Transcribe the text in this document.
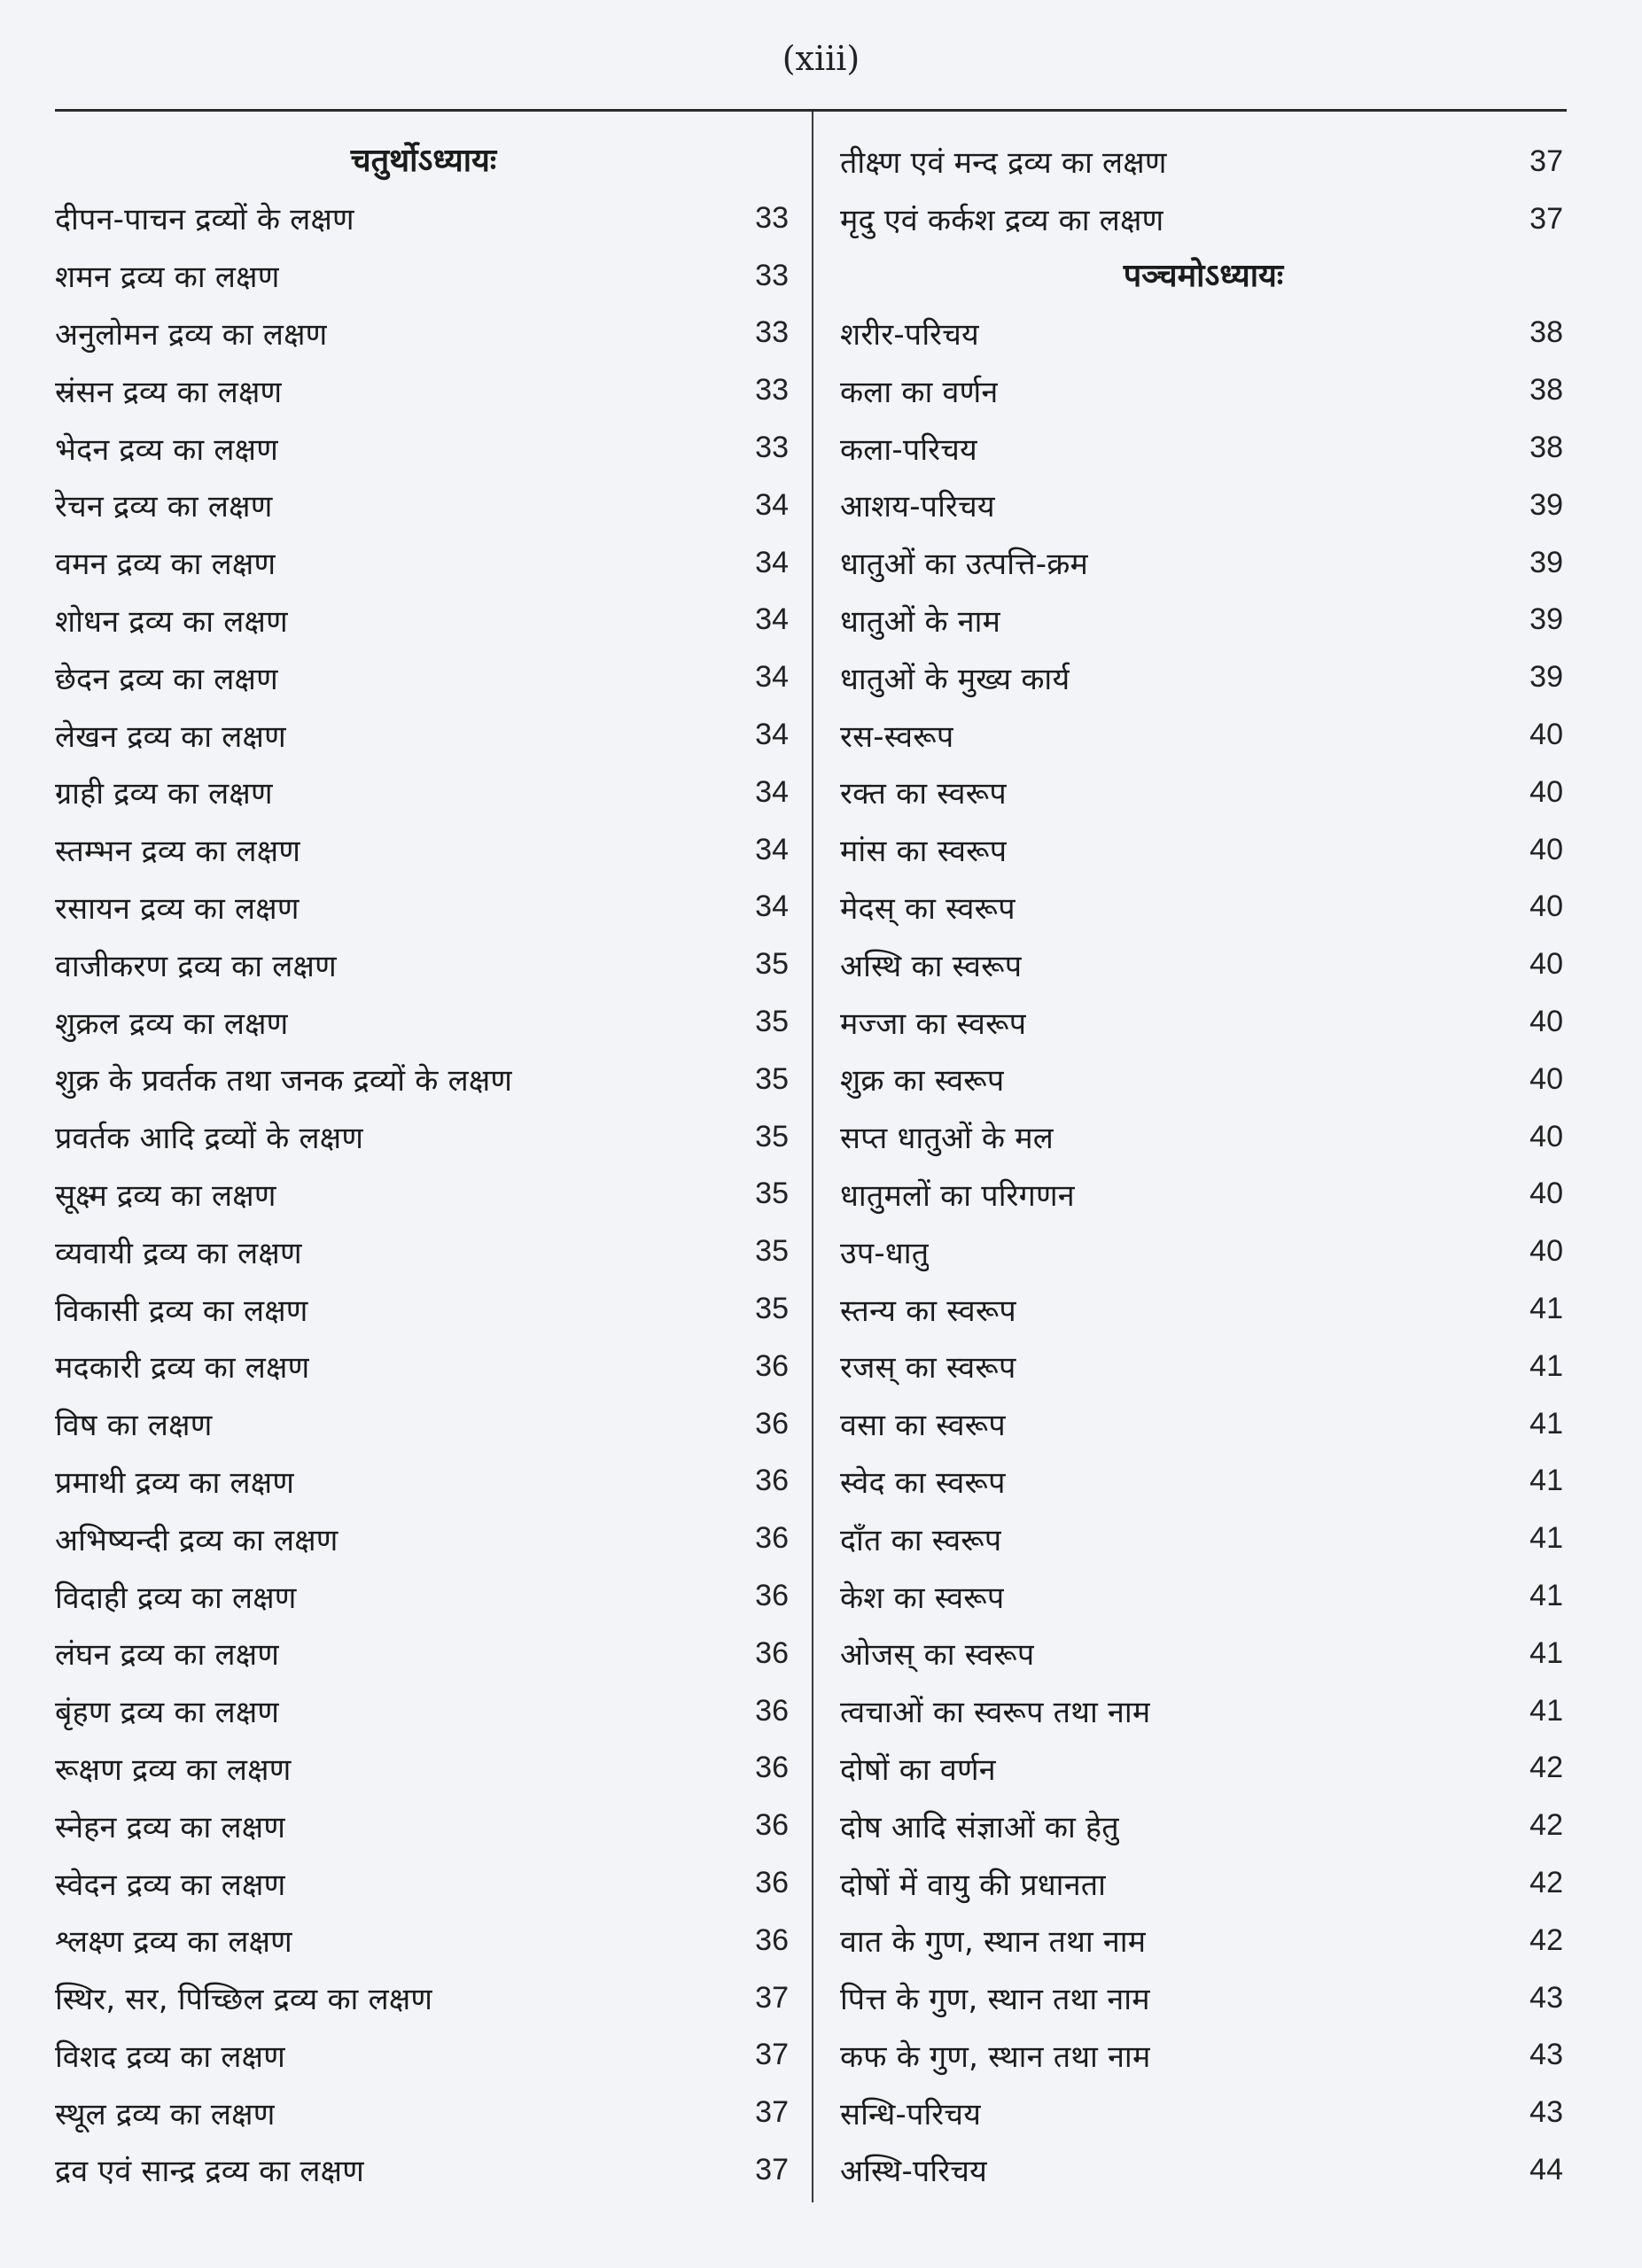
(xiii)
चतुर्थोऽध्यायः
दीपन-पाचन द्रव्यों के लक्षण	33
शमन द्रव्य का लक्षण	33
अनुलोमन द्रव्य का लक्षण	33
स्रंसन द्रव्य का लक्षण	33
भेदन द्रव्य का लक्षण	33
रेचन द्रव्य का लक्षण	34
वमन द्रव्य का लक्षण	34
शोधन द्रव्य का लक्षण	34
छेदन द्रव्य का लक्षण	34
लेखन द्रव्य का लक्षण	34
ग्राही द्रव्य का लक्षण	34
स्तम्भन द्रव्य का लक्षण	34
रसायन द्रव्य का लक्षण	34
वाजीकरण द्रव्य का लक्षण	35
शुक्रल द्रव्य का लक्षण	35
शुक्र के प्रवर्तक तथा जनक द्रव्यों के लक्षण	35
प्रवर्तक आदि द्रव्यों के लक्षण	35
सूक्ष्म द्रव्य का लक्षण	35
व्यवायी द्रव्य का लक्षण	35
विकासी द्रव्य का लक्षण	35
मदकारी द्रव्य का लक्षण	36
विष का लक्षण	36
प्रमाथी द्रव्य का लक्षण	36
अभिष्यन्दी द्रव्य का लक्षण	36
विदाही द्रव्य का लक्षण	36
लंघन द्रव्य का लक्षण	36
बृंहण द्रव्य का लक्षण	36
रूक्षण द्रव्य का लक्षण	36
स्नेहन द्रव्य का लक्षण	36
स्वेदन द्रव्य का लक्षण	36
श्लक्ष्ण द्रव्य का लक्षण	36
स्थिर, सर, पिच्छिल द्रव्य का लक्षण	37
विशद द्रव्य का लक्षण	37
स्थूल द्रव्य का लक्षण	37
द्रव एवं सान्द्र द्रव्य का लक्षण	37
तीक्ष्ण एवं मन्द द्रव्य का लक्षण	37
मृदु एवं कर्कश द्रव्य का लक्षण	37
पञ्चमोऽध्यायः
शरीर-परिचय	38
कला का वर्णन	38
कला-परिचय	38
आशय-परिचय	39
धातुओं का उत्पत्ति-क्रम	39
धातुओं के नाम	39
धातुओं के मुख्य कार्य	39
रस-स्वरूप	40
रक्त का स्वरूप	40
मांस का स्वरूप	40
मेदस् का स्वरूप	40
अस्थि का स्वरूप	40
मज्जा का स्वरूप	40
शुक्र का स्वरूप	40
सप्त धातुओं के मल	40
धातुमलों का परिगणन	40
उप-धातु	40
स्तन्य का स्वरूप	41
रजस् का स्वरूप	41
वसा का स्वरूप	41
स्वेद का स्वरूप	41
दाँत का स्वरूप	41
केश का स्वरूप	41
ओजस् का स्वरूप	41
त्वचाओं का स्वरूप तथा नाम	41
दोषों का वर्णन	42
दोष आदि संज्ञाओं का हेतु	42
दोषों में वायु की प्रधानता	42
वात के गुण, स्थान तथा नाम	42
पित्त के गुण, स्थान तथा नाम	43
कफ के गुण, स्थान तथा नाम	43
सन्धि-परिचय	43
अस्थि-परिचय	44
